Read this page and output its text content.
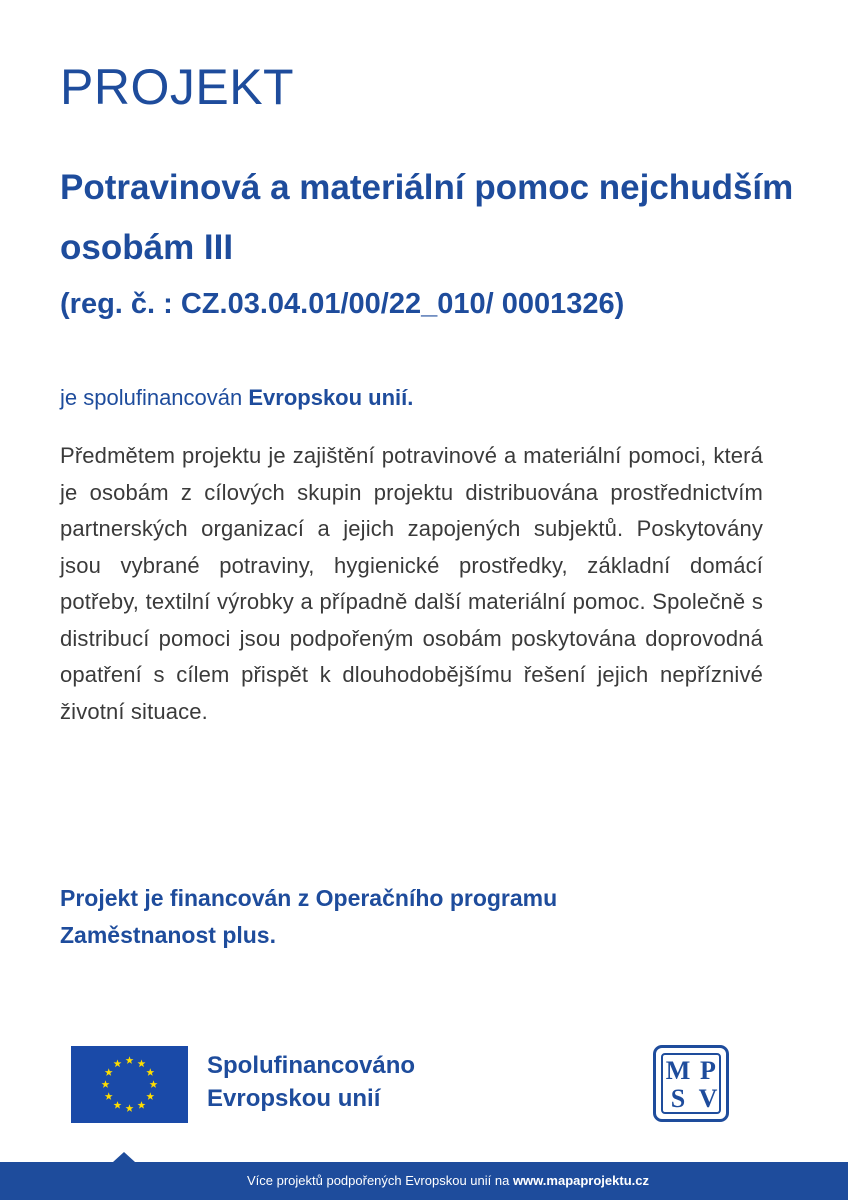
PROJEKT
Potravinová a materiální pomoc nejchudším osobám III
(reg. č. : CZ.03.04.01/00/22_010/ 0001326)

je spolufinancován Evropskou unií.

Předmětem projektu je zajištění potravinové a materiální pomoci, která je osobám z cílových skupin projektu distribuována prostřednictvím partnerských organizací a jejich zapojených subjektů. Poskytovány jsou vybrané potraviny, hygienické prostředky, základní domácí potřeby, textilní výrobky a případně další materiální pomoc. Společně s distribucí pomoci jsou podpořeným osobám poskytována doprovodná opatření s cílem přispět k dlouhodobějšímu řešení jejich nepříznivé životní situace.

Projekt je financován z Operačního programu
Zaměstnanost plus.
Spolufinancováno
Evropskou unií
M P
S V
Více projektů podpořených Evropskou unií na www.mapaprojektu.cz
